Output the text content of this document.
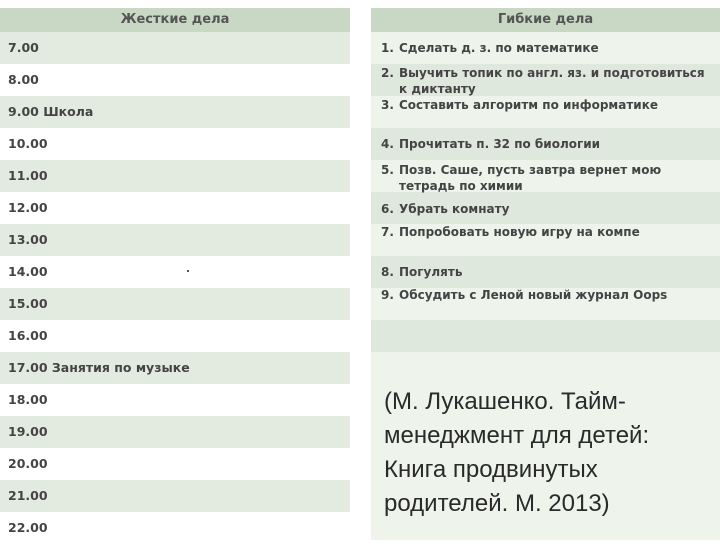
Жесткие дела
7.00
8.00
9.00 Школа
10.00
11.00
12.00
13.00
14.00
15.00
16.00
17.00 Занятия по музыке
18.00
19.00
20.00
21.00
22.00
Гибкие дела
1. Сделать д. з. по математике
2. Выучить топик по англ. яз. и подготовиться к диктанту
3. Составить алгоритм по информатике
4. Прочитать п. 32 по биологии
5. Позв. Саше, пусть завтра вернет мою тетрадь по химии
6. Убрать комнату
7. Попробовать новую игру на компе
8. Погулять
9. Обсудить с Леной новый журнал Oops
(М. Лукашенко. Тайм-менеджмент для детей: Книга продвинутых родителей. М. 2013)
